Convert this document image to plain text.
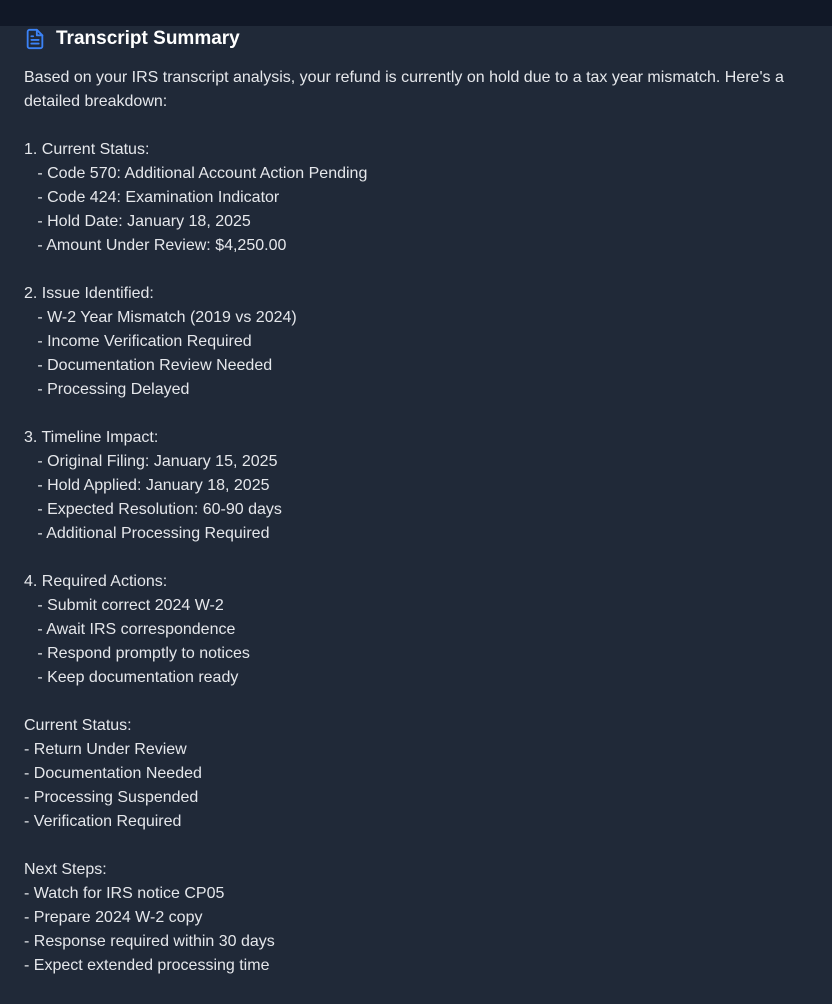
Transcript Summary
Based on your IRS transcript analysis, your refund is currently on hold due to a tax year mismatch. Here's a detailed breakdown:
1. Current Status:
- Code 570: Additional Account Action Pending
- Code 424: Examination Indicator
- Hold Date: January 18, 2025
- Amount Under Review: $4,250.00
2. Issue Identified:
- W-2 Year Mismatch (2019 vs 2024)
- Income Verification Required
- Documentation Review Needed
- Processing Delayed
3. Timeline Impact:
- Original Filing: January 15, 2025
- Hold Applied: January 18, 2025
- Expected Resolution: 60-90 days
- Additional Processing Required
4. Required Actions:
- Submit correct 2024 W-2
- Await IRS correspondence
- Respond promptly to notices
- Keep documentation ready
Current Status:
- Return Under Review
- Documentation Needed
- Processing Suspended
- Verification Required
Next Steps:
- Watch for IRS notice CP05
- Prepare 2024 W-2 copy
- Response required within 30 days
- Expect extended processing time
